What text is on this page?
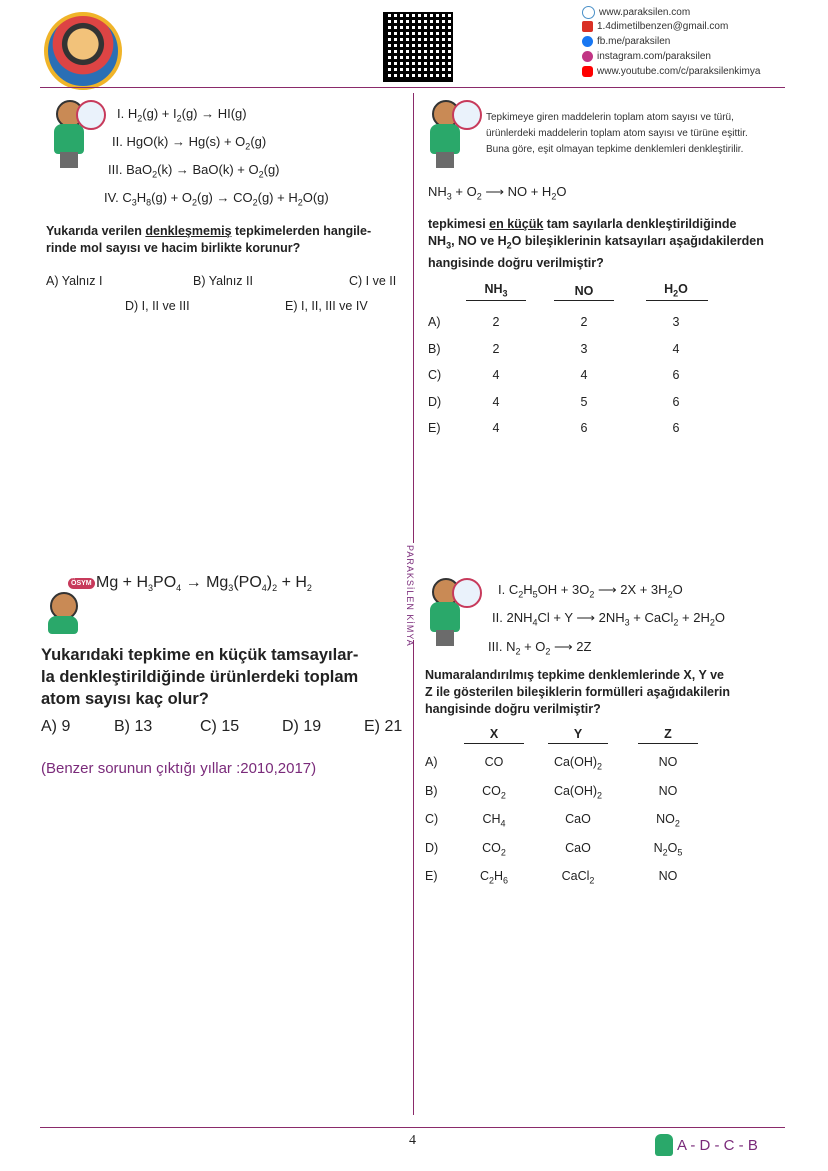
www.paraksilen.com
1.4dimetilbenzen@gmail.com
fb.me/paraksilen
instagram.com/paraksilen
www.youtube.com/c/paraksilenkimya
PARAKSİLEN KİMYA
I. $H_2(g) + I_2(g) \to HI(g)$
II. $HgO(k) \to Hg(s) + O_2(g)$
III. $BaO_2(k) \to BaO(k) + O_2(g)$
IV. $C_3H_8(g) + O_2(g) \to CO_2(g) + H_2O(g)$
Yukarıda verilen denkleşmemiş tepkimelerden hangile-
rinde mol sayısı ve hacim birlikte korunur?
A) Yalnız I	B) Yalnız II	C) I ve II
D) I, II ve III	E) I, II, III ve IV
Tepkimeye giren maddelerin toplam atom sayısı ve türü,
ürünlerdeki maddelerin toplam atom sayısı ve türüne eşittir.
Buna göre, eşit olmayan tepkime denklemleri denkleştirilir.
$NH_3 + O_2$ ⟶ NO + $H_2O$
tepkimesi en küçük tam sayılarla denkleştirildiğinde
$NH_3$, NO ve $H_2O$ bileşiklerinin katsayıları aşağıdakilerden
hangisinde doğru verilmiştir?
$NH_3$	NO	$H_2O$
A)	2	2	3
B)	2	3	4
C)	4	4	6
D)	4	5	6
E)	4	6	6
ÖSYM $Mg + H_3PO_4 \to Mg_3(PO_4)_2 + H_2$
Yukarıdaki tepkime en küçük tamsayılar-
la denkleştirildiğinde ürünlerdeki toplam
atom sayısı kaç olur?
A) 9	B) 13	C) 15	D) 19	E) 21
(Benzer sorunun çıktığı yıllar :2010,2017)
I. $C_2H_5OH + 3O_2$ ⟶ $2X + 3H_2O$
II. $2NH_4Cl + Y$ ⟶ $2NH_3$ + CaCl$_2$ + $2H_2O$
III. $N_2 + O_2$ ⟶ 2Z
Numaralandırılmış tepkime denklemlerinde X, Y ve
Z ile gösterilen bileşiklerin formülleri aşağıdakilerin
hangisinde doğru verilmiştir?
X	Y	Z
A)	CO	$Ca(OH)_2$	NO
B)	$CO_2$	$Ca(OH)_2$	NO
C)	$CH_4$	CaO	$NO_2$
D)	$CO_2$	CaO	$N_2O_5$
E)	$C_2H_6$	CaCl$_2$	NO
4	A - D - C - B
